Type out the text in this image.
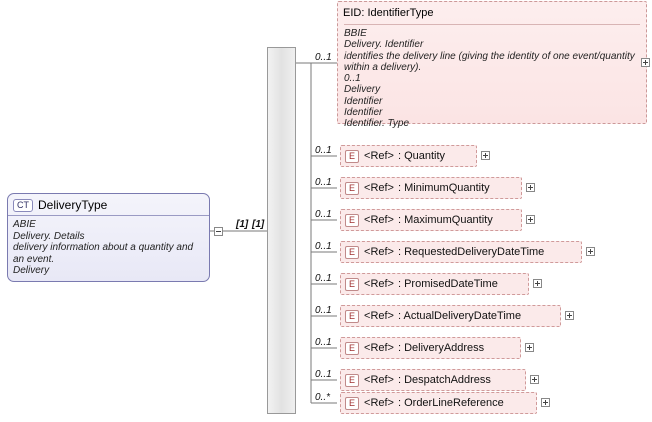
CT DeliveryType
ABIE
Delivery. Details
delivery information about a quantity and an event.
Delivery
[1] [1]
0..1
E ID : IdentifierType
BBIE
Delivery. Identifier
identifies the delivery line (giving the identity of one event/quantity within a delivery).
0..1
Delivery
Identifier
Identifier
Identifier. Type
0..1	E <Ref> : Quantity
0..1	E <Ref> : MinimumQuantity
0..1	E <Ref> : MaximumQuantity
0..1	E <Ref> : RequestedDeliveryDateTime
0..1	E <Ref> : PromisedDateTime
0..1	E <Ref> : ActualDeliveryDateTime
0..1	E <Ref> : DeliveryAddress
0..1	E <Ref> : DespatchAddress
0..*	E <Ref> : OrderLineReference
